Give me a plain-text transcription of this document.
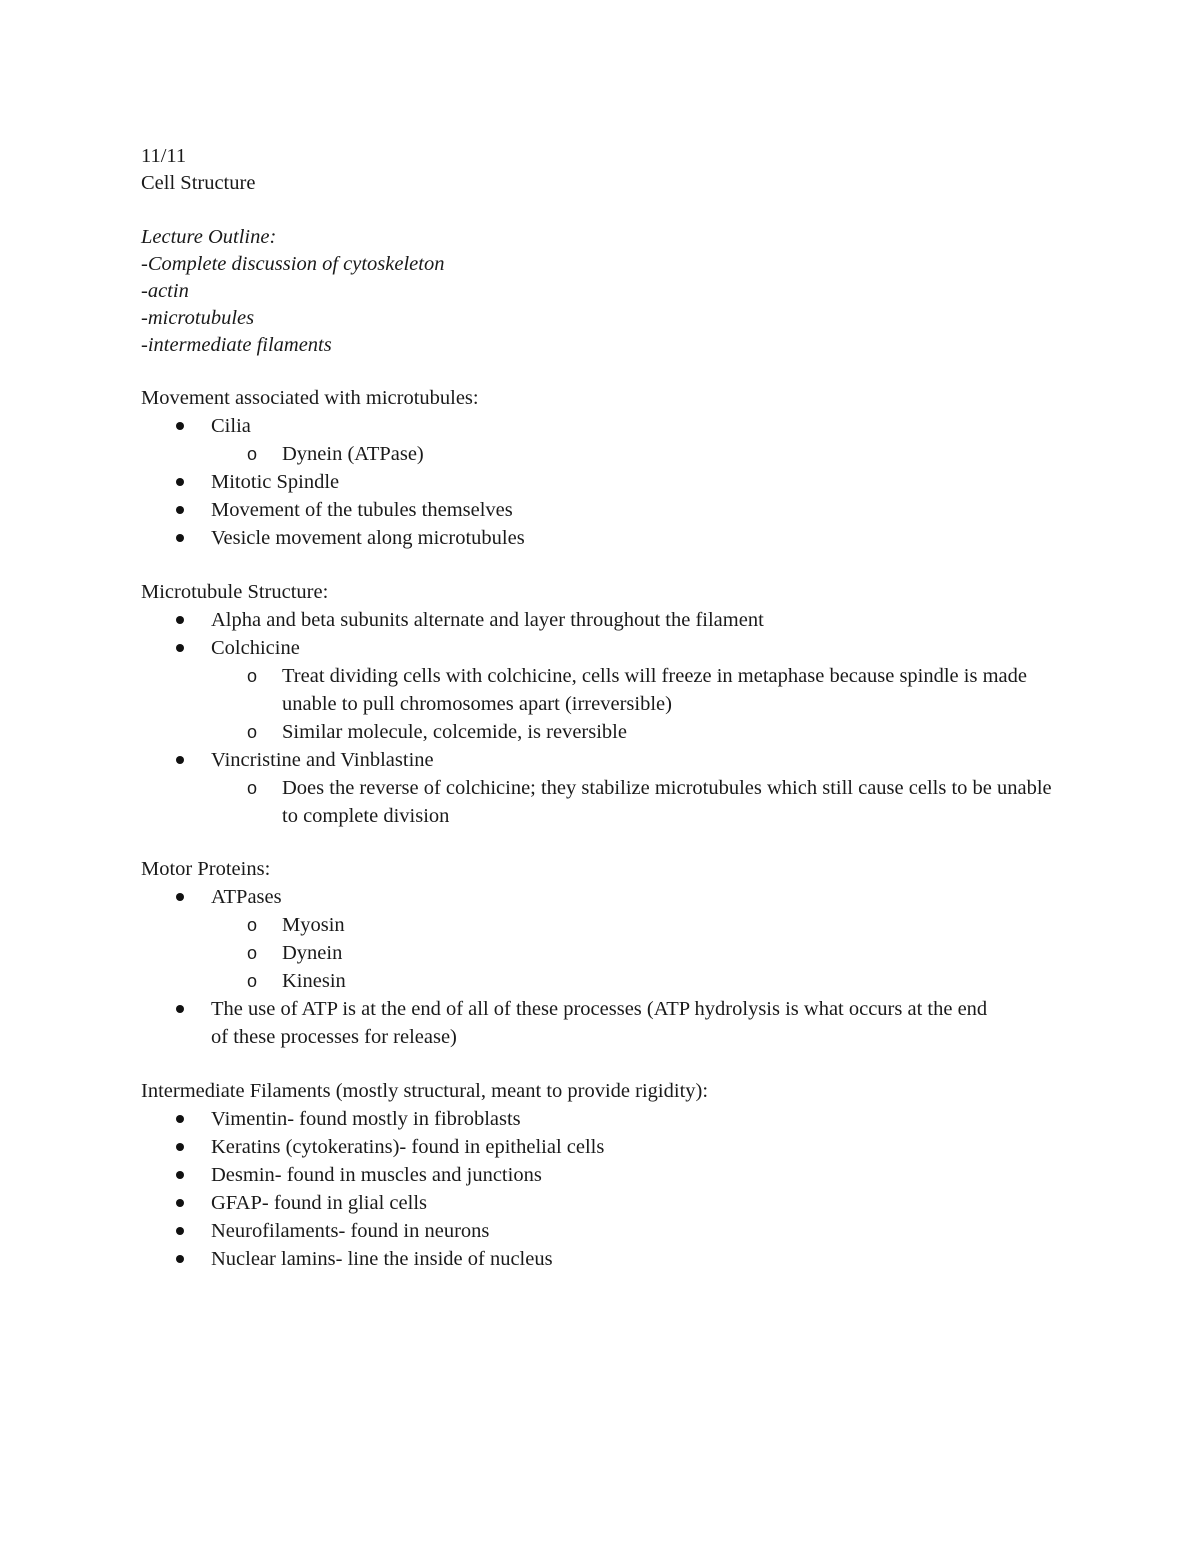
11/11
Cell Structure
Lecture Outline:
-Complete discussion of cytoskeleton
-actin
-microtubules
-intermediate filaments
Movement associated with microtubules:
Cilia
o Dynein (ATPase)
Mitotic Spindle
Movement of the tubules themselves
Vesicle movement along microtubules
Microtubule Structure:
Alpha and beta subunits alternate and layer throughout the filament
Colchicine
o Treat dividing cells with colchicine, cells will freeze in metaphase because spindle is made unable to pull chromosomes apart (irreversible)
o Similar molecule, colcemide, is reversible
Vincristine and Vinblastine
o Does the reverse of colchicine; they stabilize microtubules which still cause cells to be unable to complete division
Motor Proteins:
ATPases
o Myosin
o Dynein
o Kinesin
The use of ATP is at the end of all of these processes (ATP hydrolysis is what occurs at the end of these processes for release)
Intermediate Filaments (mostly structural, meant to provide rigidity):
Vimentin- found mostly in fibroblasts
Keratins (cytokeratins)- found in epithelial cells
Desmin- found in muscles and junctions
GFAP- found in glial cells
Neurofilaments- found in neurons
Nuclear lamins- line the inside of nucleus
